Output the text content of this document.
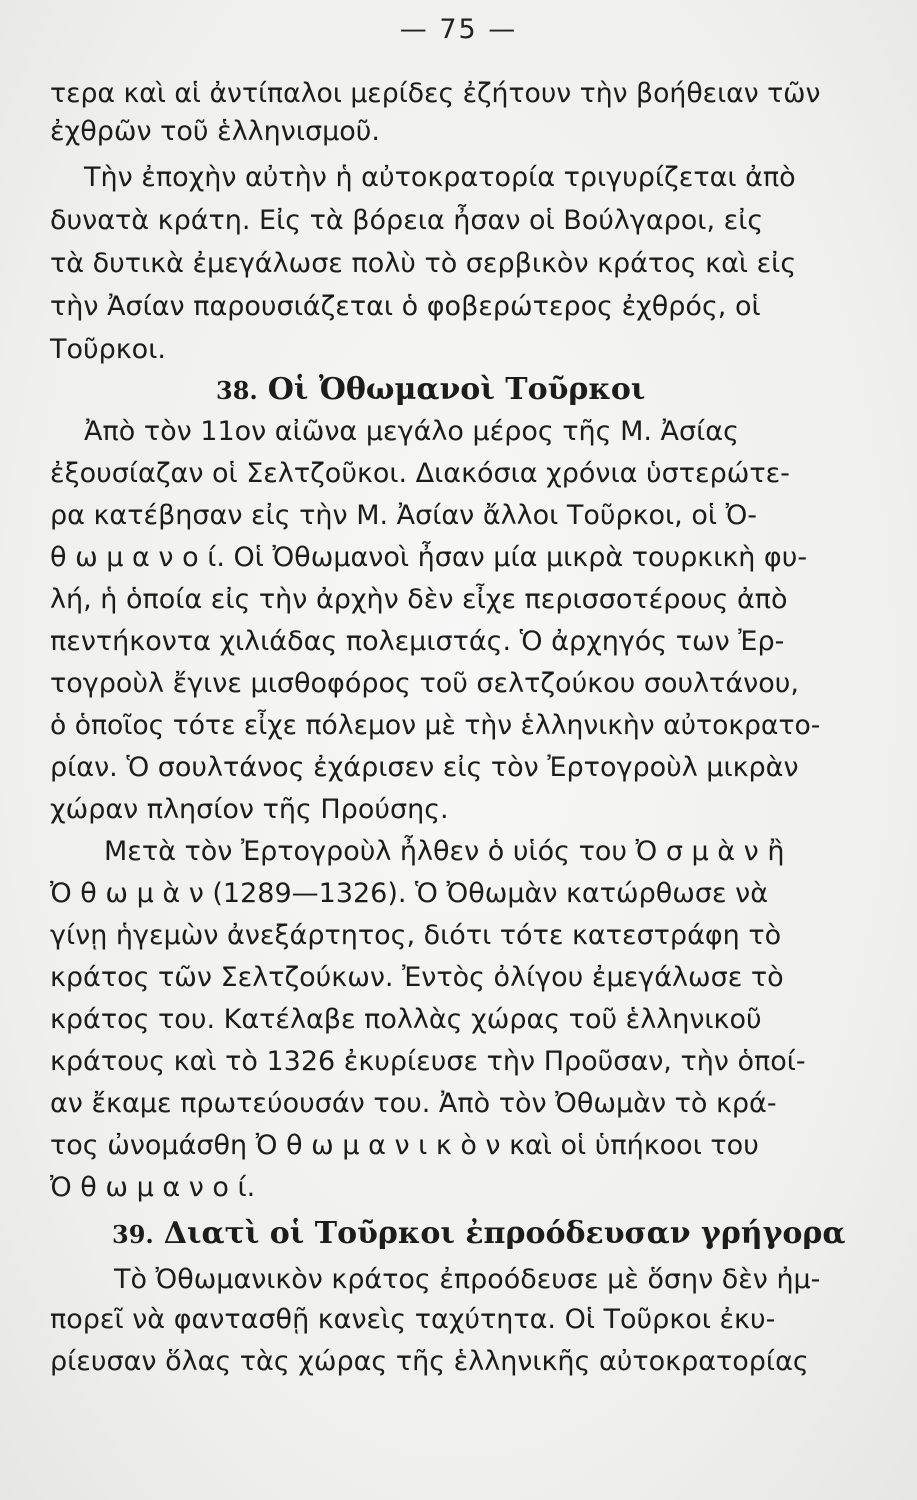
— 75 —
τερα καὶ αἱ ἀντίπαλοι μερίδες ἐζήτουν τὴν βοήθειαν τῶν
ἐχθρῶν τοῦ ἑλληνισμοῦ.
Τὴν ἐποχὴν αὐτὴν ἡ αὐτοκρατορία τριγυρίζεται ἀπὸ
δυνατὰ κράτη. Εἰς τὰ βόρεια ἦσαν οἱ Βούλγαροι, εἰς
τὰ δυτικὰ ἐμεγάλωσε πολὺ τὸ σερβικὸν κράτος καὶ εἰς
τὴν Ἀσίαν παρουσιάζεται ὁ φοβερώτερος ἐχθρός, οἱ
Τοῦρκοι.
38. Οἱ Ὀθωμανοὶ Τοῦρκοι
Ἀπὸ τὸν 11ον αἰῶνα μεγάλο μέρος τῆς Μ. Ἀσίας
ἐξουσίαζαν οἱ Σελτζοῦκοι. Διακόσια χρόνια ὑστερώτε-
ρα κατέβησαν εἰς τὴν Μ. Ἀσίαν ἄλλοι Τοῦρκοι, οἱ Ὀ-
θ ω μ α ν ο ί. Οἱ Ὀθωμανοὶ ἦσαν μία μικρὰ τουρκικὴ φυ-
λή, ἡ ὁποία εἰς τὴν ἀρχὴν δὲν εἶχε περισσοτέρους ἀπὸ
πεντήκοντα χιλιάδας πολεμιστάς. Ὁ ἀρχηγός των Ἐρ-
τογροὺλ ἔγινε μισθοφόρος τοῦ σελτζούκου σουλτάνου,
ὁ ὁποῖος τότε εἶχε πόλεμον μὲ τὴν ἑλληνικὴν αὐτοκρατο-
ρίαν. Ὁ σουλτάνος ἐχάρισεν εἰς τὸν Ἐρτογροὺλ μικρὰν
χώραν πλησίον τῆς Προύσης.
Μετὰ τὸν Ἐρτογροὺλ ἦλθεν ὁ υἱός του Ὀ σ μ ὰ ν ἢ
Ὀ θ ω μ ὰ ν (1289—1326). Ὁ Ὀθωμὰν κατώρθωσε νὰ
γίνῃ ἡγεμὼν ἀνεξάρτητος, διότι τότε κατεστράφη τὸ
κράτος τῶν Σελτζούκων. Ἐντὸς ὀλίγου ἐμεγάλωσε τὸ
κράτος του. Κατέλαβε πολλὰς χώρας τοῦ ἑλληνικοῦ
κράτους καὶ τὸ 1326 ἐκυρίευσε τὴν Προῦσαν, τὴν ὁποί-
αν ἔκαμε πρωτεύουσάν του. Ἀπὸ τὸν Ὀθωμὰν τὸ κρά-
τος ὠνομάσθη Ὀ θ ω μ α ν ι κ ὸ ν καὶ οἱ ὑπήκοοι του
Ὀ θ ω μ α ν ο ί.
39. Διατὶ οἱ Τοῦρκοι ἐπροόδευσαν γρήγορα
Τὸ Ὀθωμανικὸν κράτος ἐπροόδευσε μὲ ὅσην δὲν ἠμ-
πορεῖ νὰ φαντασθῇ κανεὶς ταχύτητα. Οἱ Τοῦρκοι ἐκυ-
ρίευσαν ὅλας τὰς χώρας τῆς ἑλληνικῆς αὐτοκρατορίας
